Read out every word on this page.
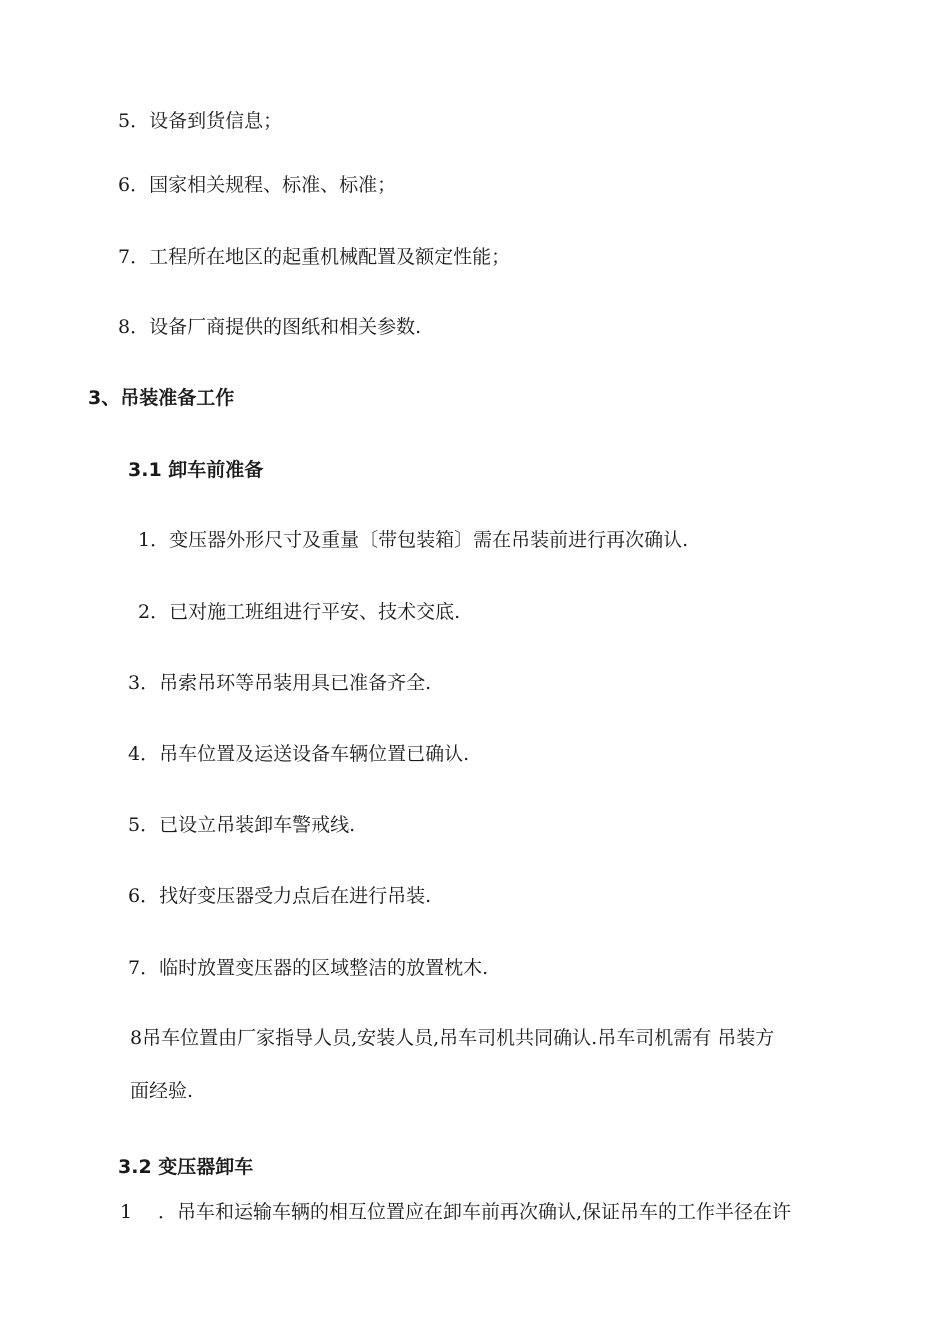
5．设备到货信息；
6．国家相关规程、标准、标准；
7．工程所在地区的起重机械配置及额定性能；
8．设备厂商提供的图纸和相关参数.
3、吊装准备工作
3.1 卸车前准备
1．变压器外形尺寸及重量〔带包装箱〕需在吊装前进行再次确认.
2．已对施工班组进行平安、技术交底.
3．吊索吊环等吊装用具已准备齐全.
4．吊车位置及运送设备车辆位置已确认.
5．已设立吊装卸车警戒线.
6．找好变压器受力点后在进行吊装.
7．临时放置变压器的区域整洁的放置枕木.
8吊车位置由厂家指导人员,安装人员,吊车司机共同确认.吊车司机需有 吊装方
面经验.
3.2 变压器卸车
1 ．吊车和运输车辆的相互位置应在卸车前再次确认,保证吊车的工作半径在许
